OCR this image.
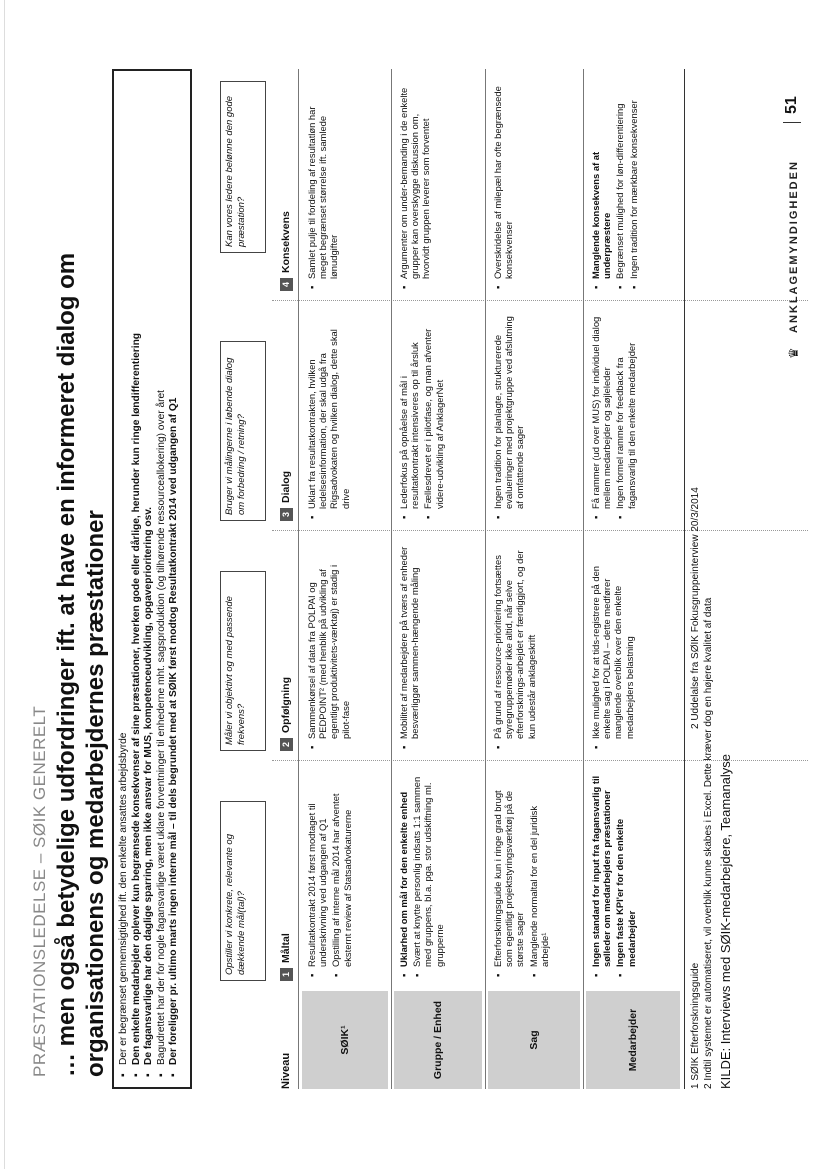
PRÆSTATIONSLEDELSE – SØIK GENERELT … men også betydelige udfordringer ift. at have en informeret dialog om organisationens og medarbejdernes præstationer ▪ Der er begrænset gennemsigtighed ift. den enkelte ansattes arbejdsbyrde ▪ Den enkelte medarbejder oplever kun begrænsede konsekvenser af sine præstationer, hverken gode eller dårlige, herunder kun ringe løndifferentiering ▪ De fagansvarlige har den daglige sparring, men ikke ansvar for MUS, kompetenceudvikling, opgaveprioritering osv. ▪ Bagudrettet har der for nogle fagansvarlige været uklare forventninger til enhederne mht. sagsproduktion (og tilhørende ressourceallokering) over året ▪ Der foreligger pr. ultimo marts ingen interne mål – til dels begrundet med at SØIK først modtog Resultatkontrakt 2014 ved udgangen af Q1	Opstiller vi konkrete, relevante og dækkende mål(tal)?
Måler vi objektivt og med passende frekvens?
Bruger vi målingerne i løbende dialog om forbedring / retning?
Kan vores ledere belønne den gode præstation?
Niveau
1Måltal
2Opfølgning
3Dialog
4Konsekvens
SØIK¹
▪ Resultatkontrakt 2014 først modtaget til underskrivning ved udgangen af Q1 ▪ Opstilling af interne mål 2014 har afventet eksternt review af Statsadvokaturerne
▪ Sammenkørsel af data fra POLPAI og PEDPOINT² (med henblik på udvikling af egentligt produktivitets-værktøj) er stadig i pilot-fase
▪ Uklart fra resultatkontrakten, hvilken ledelsesinformation, der skal udgå fra Rigsadvokaten og hvilken dialog, dette skal drive
▪ Samlet pulje til fordeling af resultatløn har meget begrænset størrelse ift. samlede lønudgifter
Gruppe / Enhed
▪ Uklarhed om mål for den enkelte enhed ▪ Svært at knytte personlig indsats 1:1 sammen med gruppens, bl.a. pga. stor udskiftning ml. grupperne
▪ Mobilitet af medarbejdere på tværs af enheder besværliggør sammen-hængende måling
▪ Lederfokus på opnåelse af mål i resultatkontrakt intensiveres op til årsluk ▪ Fællesdrevet er i pilotfase, og man afventer videre-udvikling af AnklagerNet
▪ Argumenter om under-bemanding i de enkelte grupper kan overskygge diskussion om, hvorvidt gruppen leverer som forventet
Sag
▪ Efterforskningsguide kun i ringe grad brugt som egentligt projektstyringsværktøj på de største sager ▪ Manglende normaltal for en del juridisk arbejde¹
▪ På grund af ressource-prioritering fortsættes styregruppemøder ikke altid, når selve efterforsknings-arbejdet er færdiggjort, og der kun udestår anklageskrift
▪ Ingen tradition for planlagte, strukturerede evalueringer med projektgruppe ved afslutning af omfattende sager
▪ Overskridelse af milepæl har ofte begrænsede konsekvenser
Medarbejder
▪ Ingen standard for input fra fagansvarlig til sølleder om medarbejders præstationer ▪ Ingen faste KPI'er for den enkelte medarbejder
▪ Ikke mulighed for at tids-registrere på den enkelte sag i POLPAI – dette medfører manglende overblik over den enkelte medarbejders belastning
▪ Få rammer (ud over MUS) for individuel dialog mellem medarbejder og søjleleder ▪ Ingen formel ramme for feedback fra fagansvarlig til den enkelte medarbejder
▪ Manglende konsekvens af at underpræstere ▪ Begrænset mulighed for løn-differentiering ▪ Ingen tradition for mærkbare konsekvenser
1 SØIK Efterforskningsguide
2 Uddelalse fra SØIK Fokusgruppeinterview 20/3/2014 2 Indtil systemet er automatiseret, vil overblik kunne skabes i Excel. Dette kræver dog en højere kvalitet af data KILDE: Interviews med SØIK-medarbejdere, Teamanalyse
♛
ANKLAGEMYNDIGHEDEN
51
